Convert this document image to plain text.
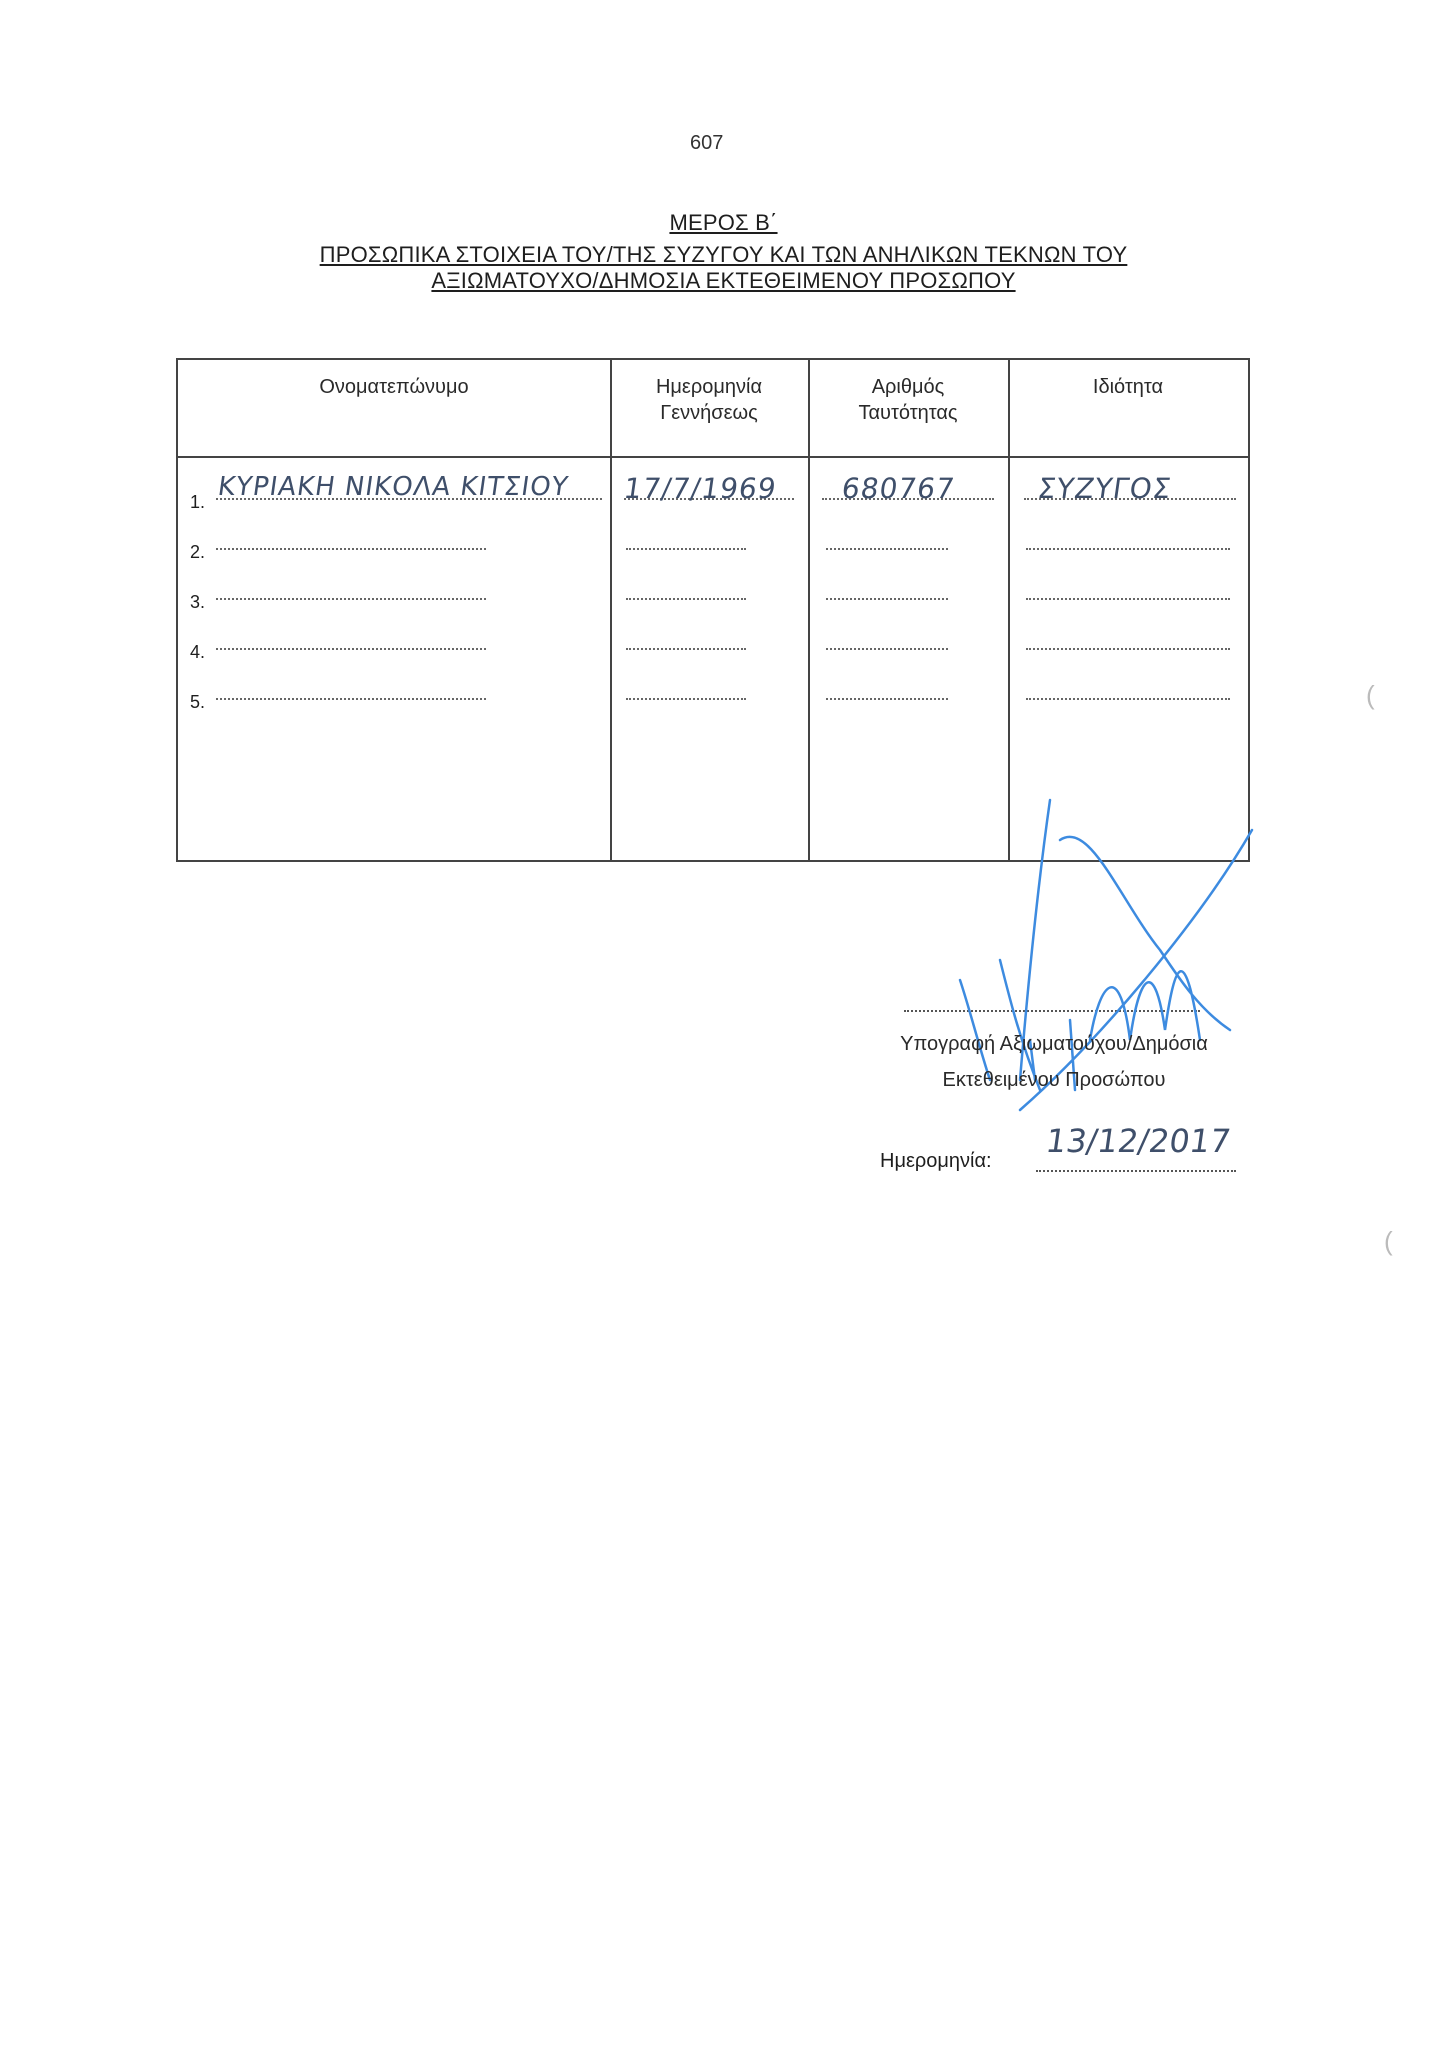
607
ΜΕΡΟΣ Β΄
ΠΡΟΣΩΠΙΚΑ ΣΤΟΙΧΕΙΑ ΤΟΥ/ΤΗΣ ΣΥΖΥΓΟΥ ΚΑΙ ΤΩΝ ΑΝΗΛΙΚΩΝ ΤΕΚΝΩΝ ΤΟΥ
ΑΞΙΩΜΑΤΟΥΧΟ/ΔΗΜΟΣΙΑ ΕΚΤΕΘΕΙΜΕΝΟΥ ΠΡΟΣΩΠΟΥ
Ονοματεπώνυμο	Ημερομηνία
Γεννήσεως
Αριθμός
Ταυτότητας
Ιδιότητα
1. ΚΥΡΙΑΚΗ ΝΙΚΟΛΑ ΚΙΤΣΙΟΥ 17/7/1969 680767	ΣΥΖΥΓΟΣ
2.
3.
4.
5.
Υπογραφή Αξιωματούχου/Δημόσια
Εκτεθειμένου Προσώπου
Ημερομηνία:
13/12/2017
(
(
